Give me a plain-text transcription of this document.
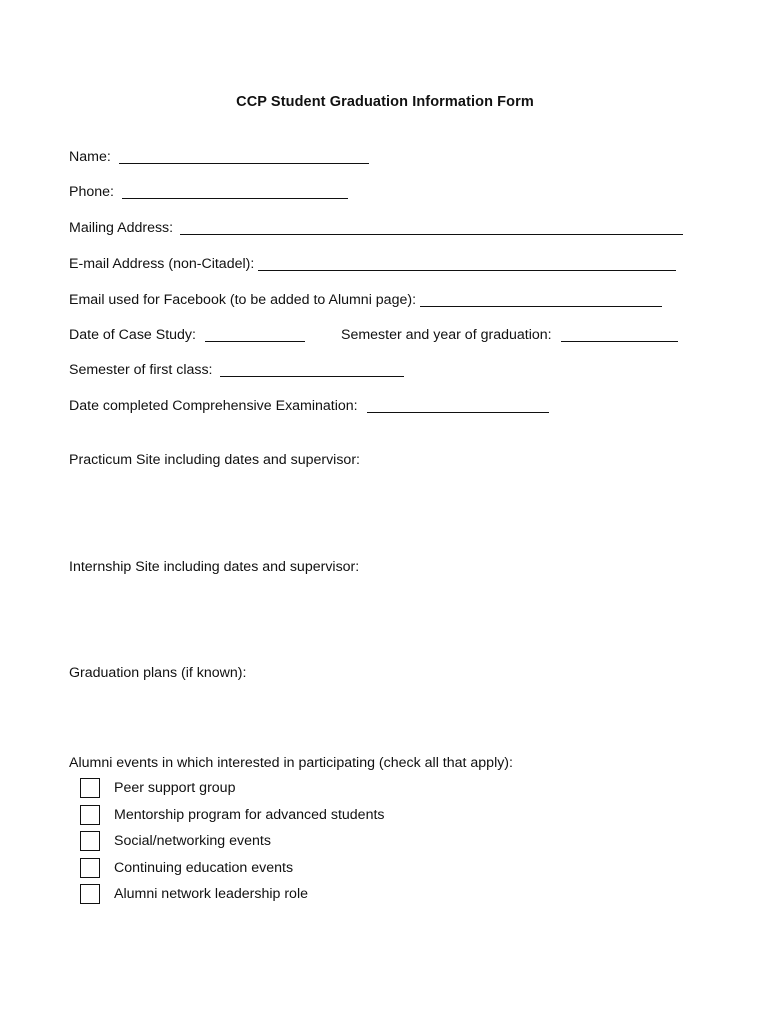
CCP Student Graduation Information Form
Name:
Phone:
Mailing Address:
E-mail Address (non-Citadel):
Email used for Facebook (to be added to Alumni page):
Date of Case Study:	Semester and year of graduation:
Semester of first class:
Date completed Comprehensive Examination:
Practicum Site including dates and supervisor:
Internship Site including dates and supervisor:
Graduation plans (if known):
Alumni events in which interested in participating (check all that apply):
Peer support group
Mentorship program for advanced students
Social/networking events
Continuing education events
Alumni network leadership role
